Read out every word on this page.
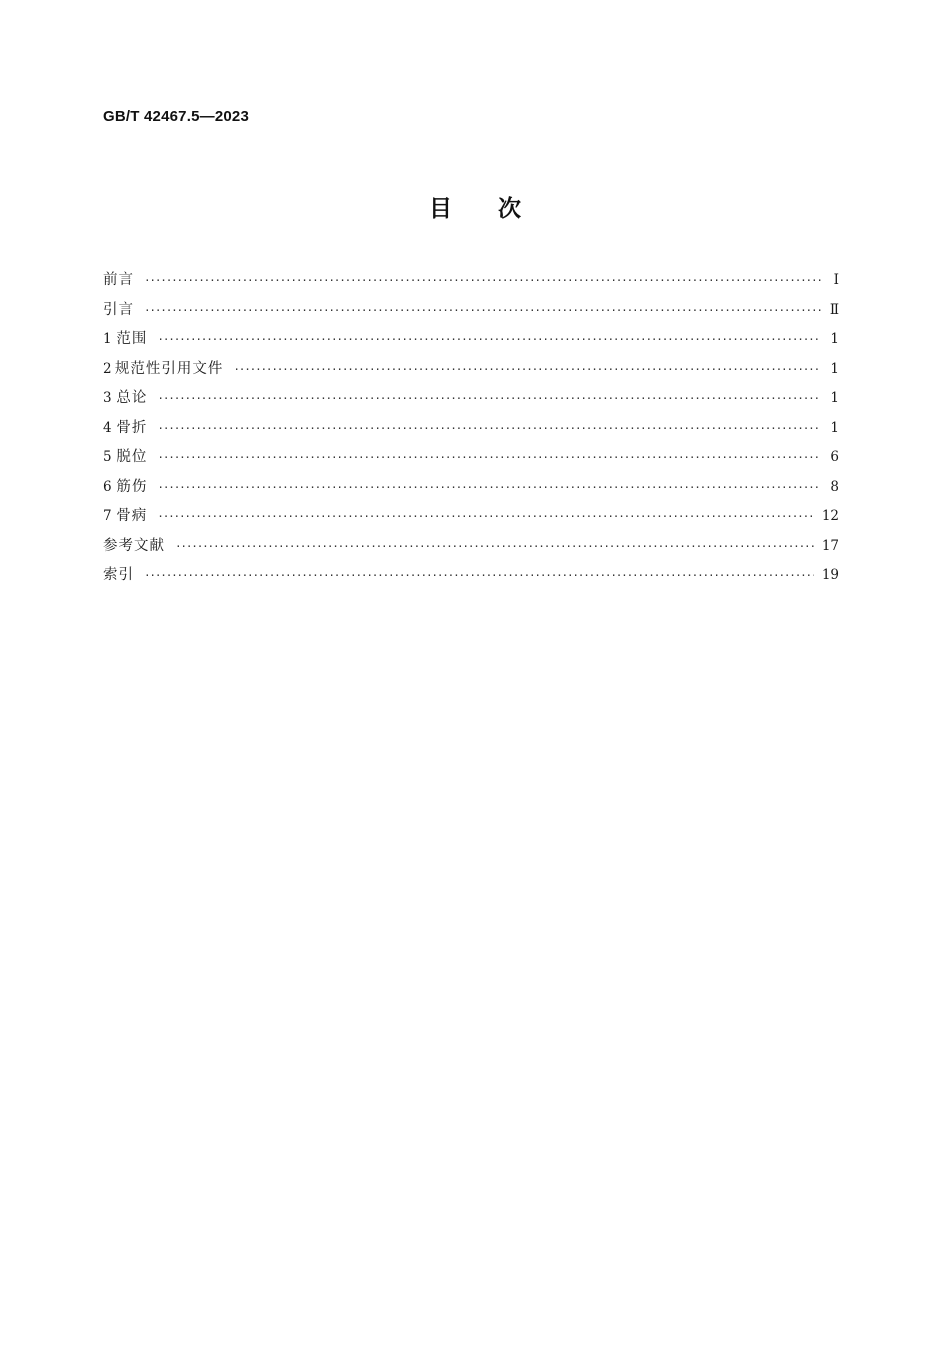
GB/T 42467.5—2023
目次
前言 ·····	Ⅰ
引言 ·····	Ⅱ
1 范围 ·····	1
2 规范性引用文件 ·····	1
3 总论 ·····	1
4 骨折 ·····	1
5 脱位 ·····	6
6 筋伤 ·····	8
7 骨病 ·····	12
参考文献 ·····	17
索引 ·····	19
